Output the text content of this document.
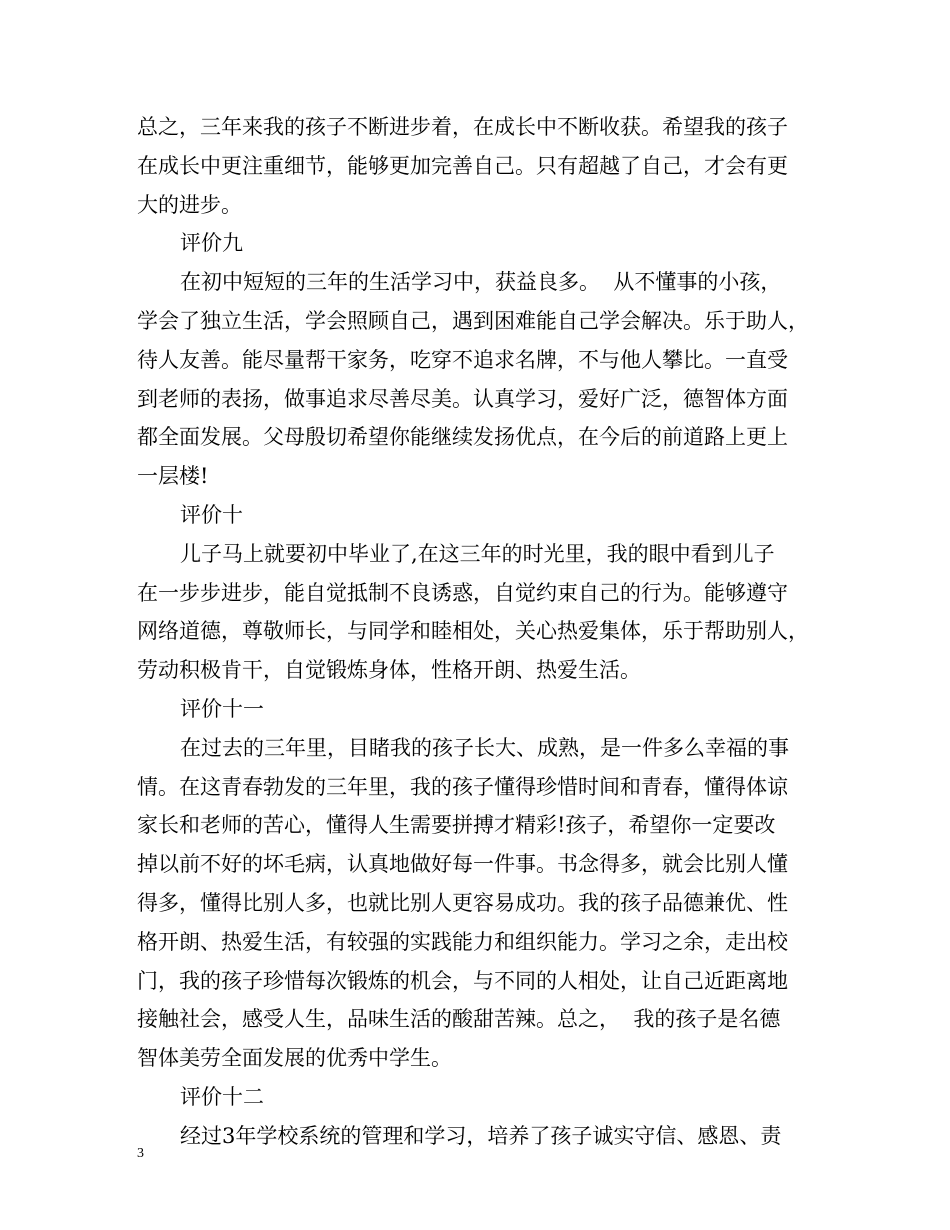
总之，三年来我的孩子不断进步着，在成长中不断收获。希望我的孩子
在成长中更注重细节，能够更加完善自己。只有超越了自己，才会有更
大的进步。
评价九
在初中短短的三年的生活学习中，获益良多。  从不懂事的小孩，
学会了独立生活，学会照顾自己，遇到困难能自己学会解决。乐于助人，
待人友善。能尽量帮干家务，吃穿不追求名牌，不与他人攀比。一直受
到老师的表扬，做事追求尽善尽美。认真学习，爱好广泛，德智体方面
都全面发展。父母殷切希望你能继续发扬优点，在今后的前道路上更上
一层楼!
评价十
儿子马上就要初中毕业了,在这三年的时光里，我的眼中看到儿子
在一步步进步，能自觉抵制不良诱惑，自觉约束自己的行为。能够遵守
网络道德，尊敬师长，与同学和睦相处，关心热爱集体，乐于帮助别人，
劳动积极肯干，自觉锻炼身体，性格开朗、热爱生活。
评价十一
在过去的三年里，目睹我的孩子长大、成熟，是一件多么幸福的事
情。在这青春勃发的三年里，我的孩子懂得珍惜时间和青春，懂得体谅
家长和老师的苦心，懂得人生需要拼搏才精彩!孩子，希望你一定要改
掉以前不好的坏毛病，认真地做好每一件事。书念得多，就会比别人懂
得多，懂得比别人多，也就比别人更容易成功。我的孩子品德兼优、性
格开朗、热爱生活，有较强的实践能力和组织能力。学习之余，走出校
门，我的孩子珍惜每次锻炼的机会，与不同的人相处，让自己近距离地
接触社会，感受人生，品味生活的酸甜苦辣。总之，  我的孩子是名德
智体美劳全面发展的优秀中学生。
评价十二
经过3年学校系统的管理和学习，培养了孩子诚实守信、感恩、责
3
